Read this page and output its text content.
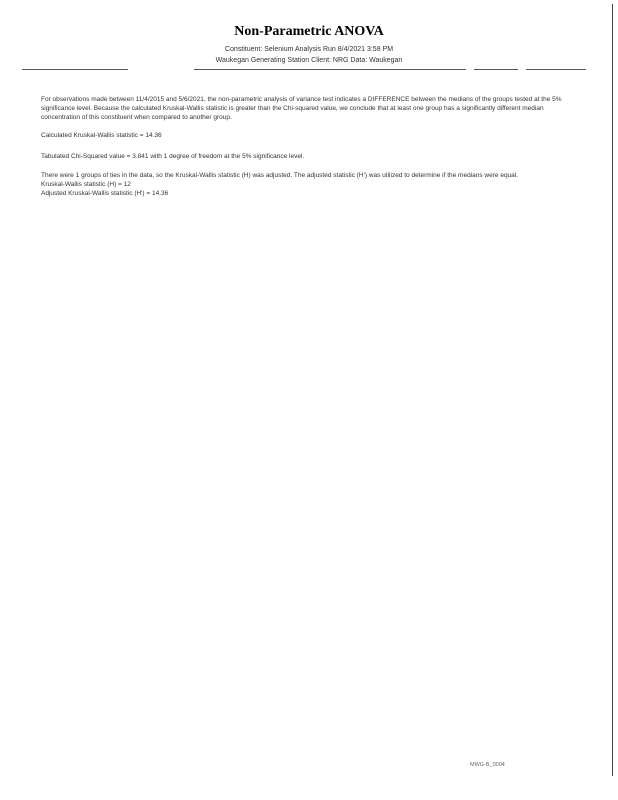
Non-Parametric ANOVA
Constituent: Selenium Analysis Run 8/4/2021 3:58 PM
Waukegan Generating Station Client: NRG Data: Waukegan
For observations made between 11/4/2015 and 5/6/2021, the non-parametric analysis of variance test indicates a DIFFERENCE between the medians of the groups tested at the 5% significance level. Because the calculated Kruskal-Wallis statistic is greater than the Chi-squared value, we conclude that at least one group has a significantly different median concentration of this constituent when compared to another group.
Calculated Kruskal-Wallis statistic = 14.36
Tabulated Chi-Squared value = 3.841 with 1 degree of freedom at the 5% significance level.
There were 1 groups of ties in the data, so the Kruskal-Wallis statistic (H) was adjusted. The adjusted statistic (H') was utilized to determine if the medians were equal.
Kruskal-Wallis statistic (H) = 12
Adjusted Kruskal-Wallis statistic (H') = 14.36
MWG-B_0004
